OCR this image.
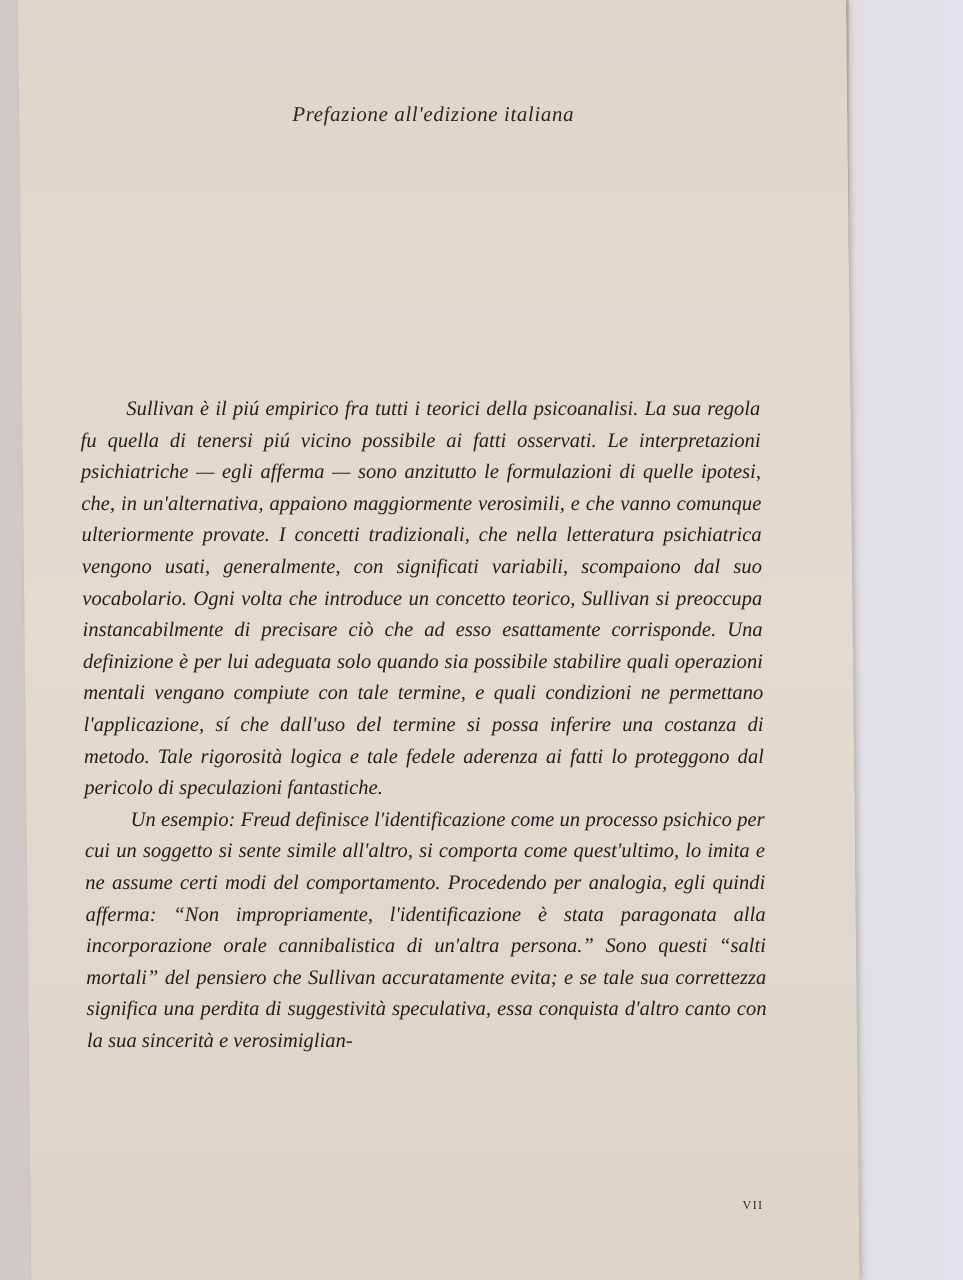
Prefazione all'edizione italiana

Sullivan è il piú empirico fra tutti i teorici della psicoanalisi. La sua regola fu quella di tenersi piú vicino possibile ai fatti osservati. Le interpretazioni psichiatriche — egli afferma — sono anzitutto le formulazioni di quelle ipotesi, che, in un'alternativa, appaiono maggiormente verosimili, e che vanno comunque ulteriormente provate. I concetti tradizionali, che nella letteratura psichiatrica vengono usati, generalmente, con significati variabili, scompaiono dal suo vocabolario. Ogni volta che introduce un concetto teorico, Sullivan si preoccupa instancabilmente di precisare ciò che ad esso esattamente corrisponde. Una definizione è per lui adeguata solo quando sia possibile stabilire quali operazioni mentali vengano compiute con tale termine, e quali condizioni ne permettano l'applicazione, sí che dall'uso del termine si possa inferire una costanza di metodo. Tale rigorosità logica e tale fedele aderenza ai fatti lo proteggono dal pericolo di speculazioni fantastiche.

Un esempio: Freud definisce l'identificazione come un processo psichico per cui un soggetto si sente simile all'altro, si comporta come quest'ultimo, lo imita e ne assume certi modi del comportamento. Procedendo per analogia, egli quindi afferma: “Non impropriamente, l'identificazione è stata paragonata alla incorporazione orale cannibalistica di un'altra persona.” Sono questi “salti mortali” del pensiero che Sullivan accuratamente evita; e se tale sua correttezza significa una perdita di suggestività speculativa, essa conquista d'altro canto con la sua sincerità e verosimiglian-

VII
